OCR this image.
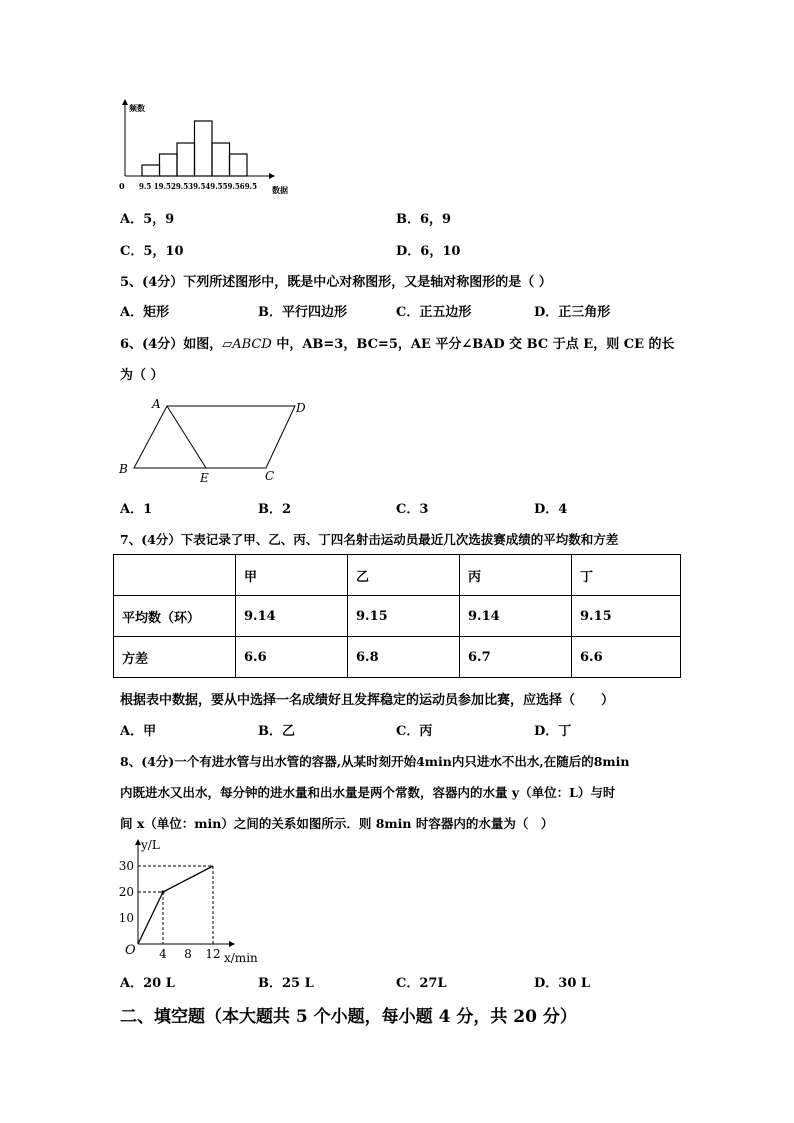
频数
0 9.5 19.529.539.549.559.569.5 数据
A．5，9	B．6，9
C．5，10	D．6，10
5、(4分）下列所述图形中，既是中心对称图形，又是轴对称图形的是（ ）
A．矩形	B．平行四边形	C．正五边形	D．正三角形
6、(4分）如图，▱ABCD 中，AB=3，BC=5，AE 平分∠BAD 交 BC 于点 E，则 CE 的长
为（ ）
A	D
B	C
E
A．1	B．2	C．3	D．4
7、(4分）下表记录了甲、乙、丙、丁四名射击运动员最近几次选拔赛成绩的平均数和方差
	甲	乙	丙	丁
平均数（环）	9.14	9.15	9.14	9.15
方差	6.6	6.8	6.7	6.6
根据表中数据，要从中选择一名成绩好且发挥稳定的运动员参加比赛，应选择（　　）
A．甲	B．乙	C．丙	D．丁
8、(4分)一个有进水管与出水管的容器,从某时刻开始4min内只进水不出水,在随后的8min
内既进水又出水，每分钟的进水量和出水量是两个常数，容器内的水量 y（单位：L）与时
间 x（单位：min）之间的关系如图所示．则 8min 时容器内的水量为（　）
4 8 12
10
20
30
O
y/L
x/min
A．20 L	B．25 L	C．27L	D．30 L
二、填空题（本大题共 5 个小题，每小题 4 分，共 20 分）
